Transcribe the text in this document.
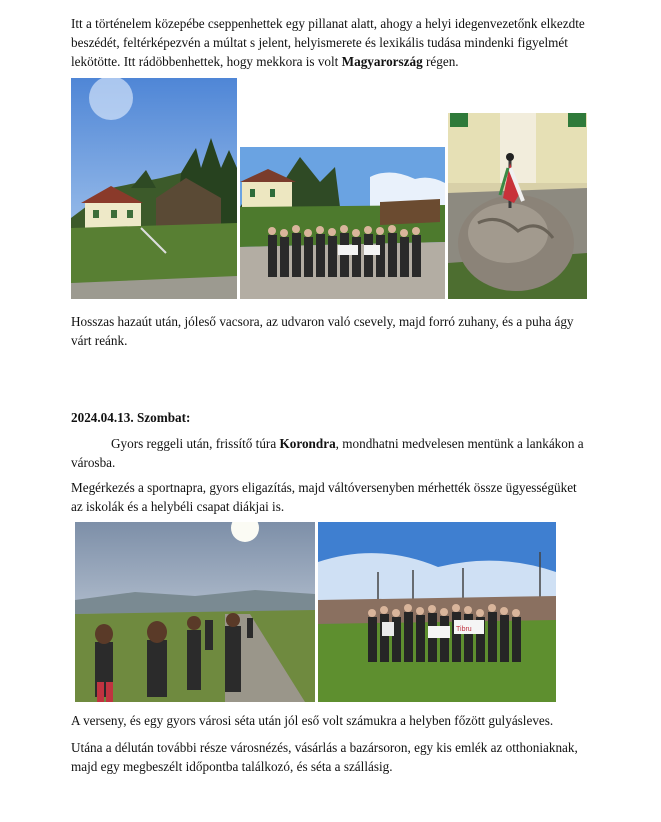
Itt a történelem közepébe cseppenhettek egy pillanat alatt, ahogy a helyi idegenvezetőnk elkezdte beszédét, feltérképezvén a múltat s jelent, helyismerete és lexikális tudása mindenki figyelmét lekötötte. Itt rádöbbenhettek, hogy mekkora is volt Magyarország régen.

Hosszas hazaút után, jóleső vacsora, az udvaron való csevely, majd forró zuhany, és a puha ágy várt reánk.

2024.04.13. Szombat:

Gyors reggeli után, frissítő túra Korondra, mondhatni medvelesen mentünk a lankákon a városba.

Megérkezés a sportnapra, gyors eligazítás, majd váltóversenyben mérhették össze ügyességüket az iskolák és a helybéli csapat diákjai is.

Tibru

A verseny, és egy gyors városi séta után jól eső volt számukra a helyben főzött gulyásleves.

Utána a délután további része városnézés, vásárlás a bazársoron, egy kis emlék az otthoniaknak, majd egy megbeszélt időpontba találkozó, és séta a szállásig.
